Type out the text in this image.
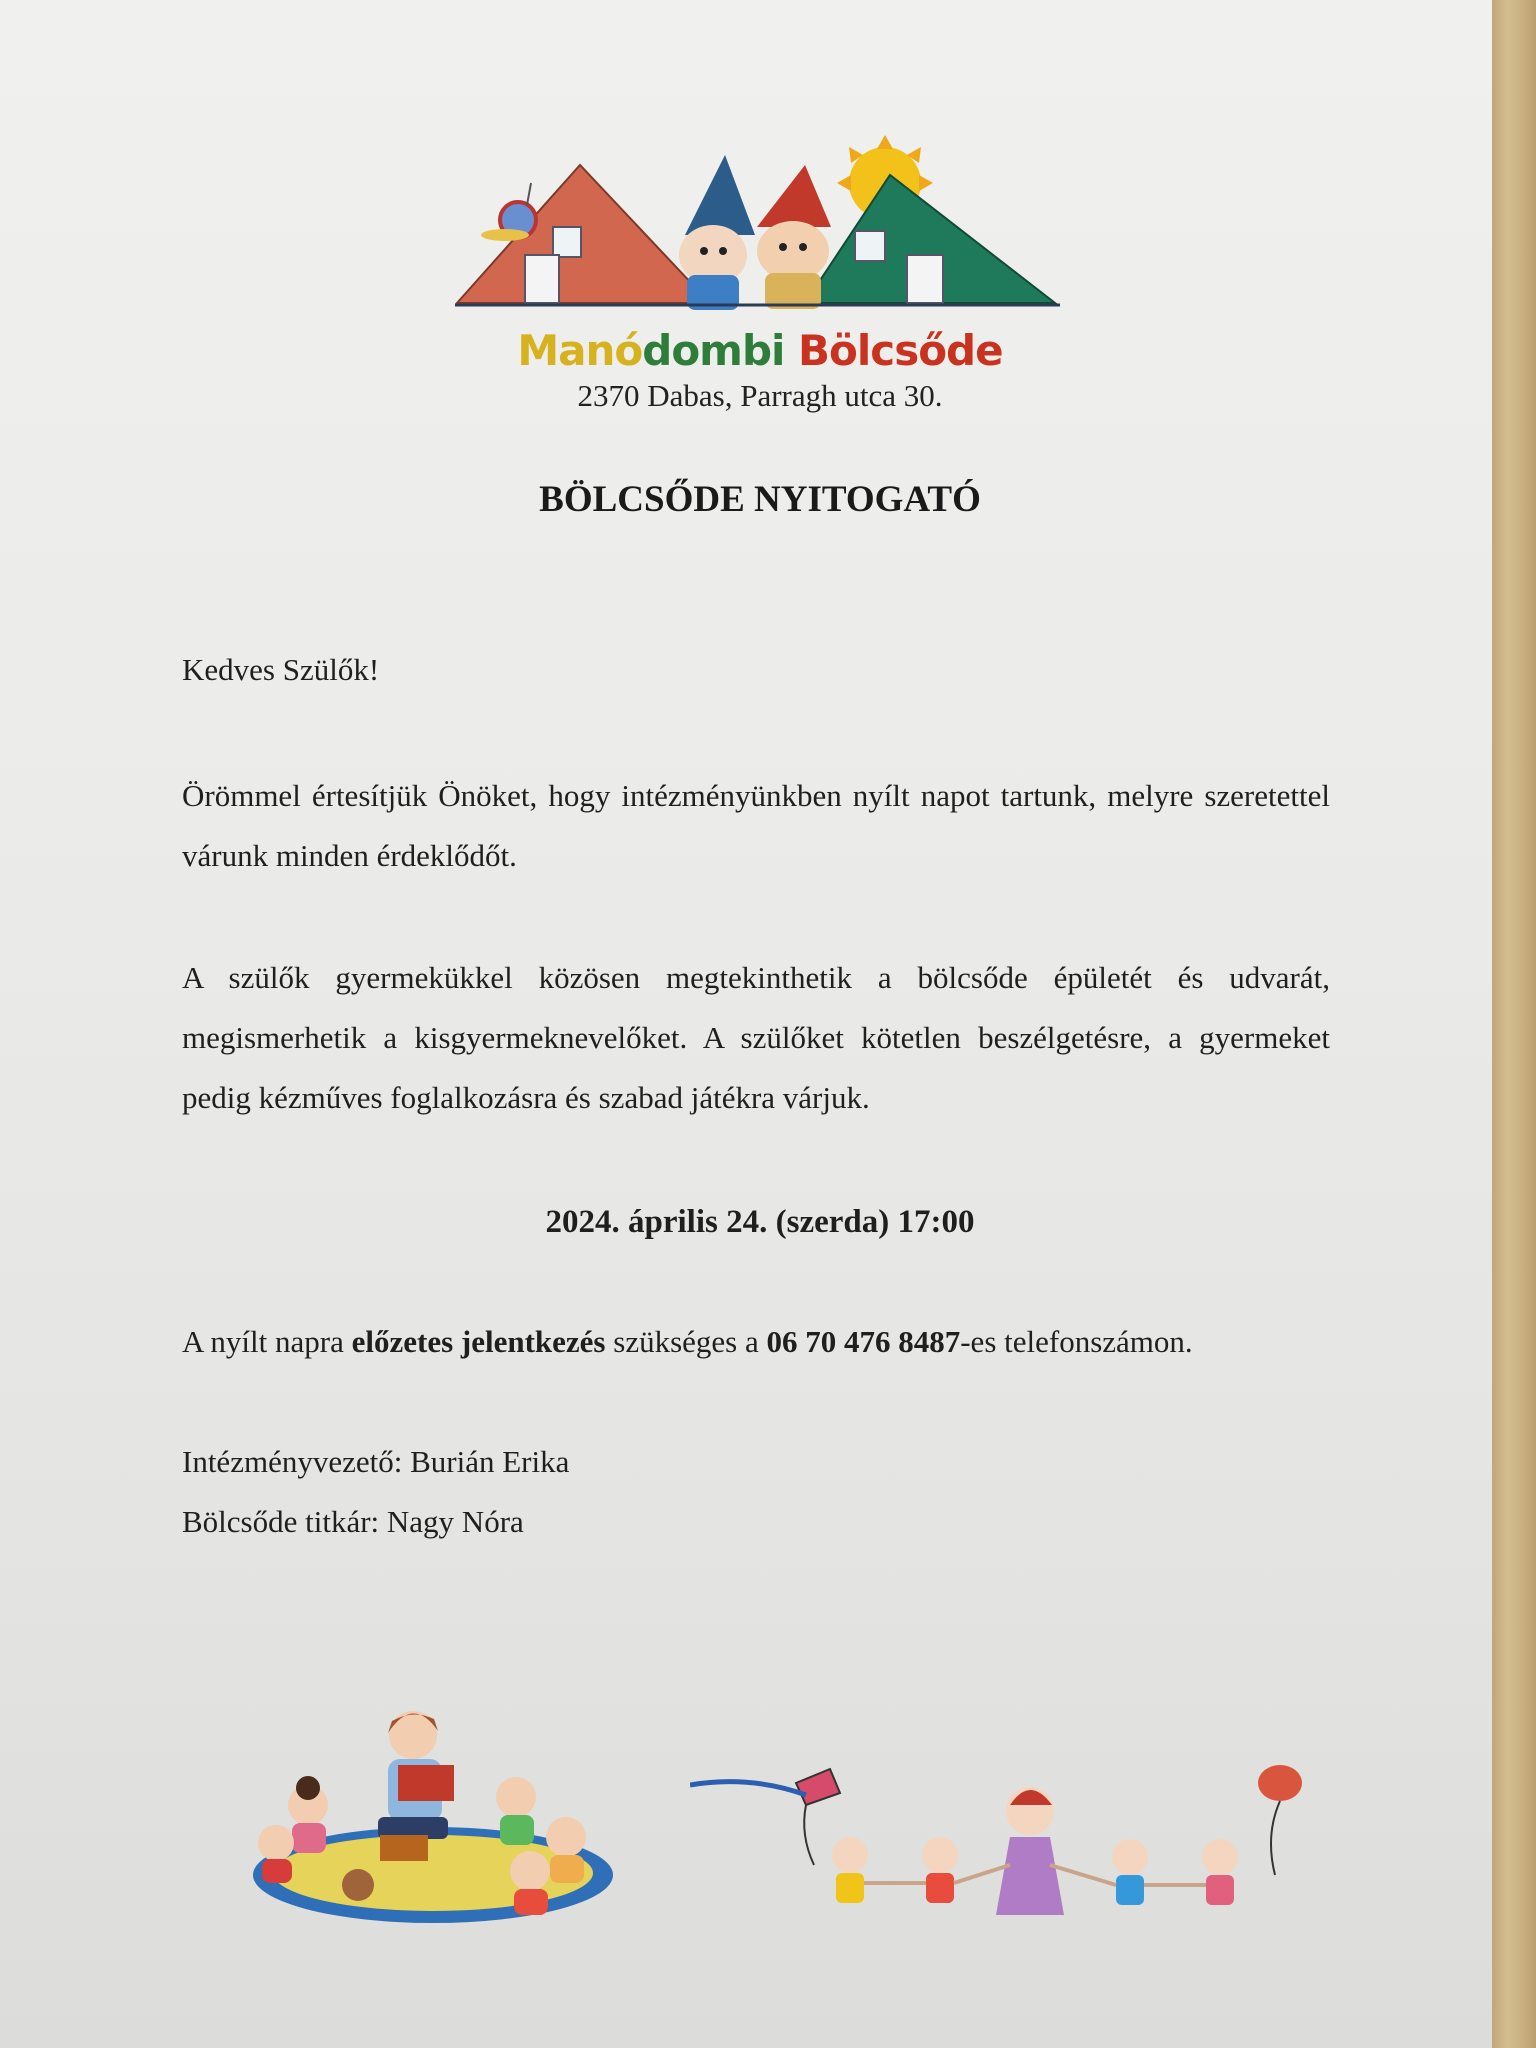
Manódombi Bölcsőde
2370 Dabas, Parragh utca 30.
BÖLCSŐDE NYITOGATÓ
Kedves Szülők!
Örömmel értesítjük Önöket, hogy intézményünkben nyílt napot tartunk, melyre szeretettel várunk minden érdeklődőt.
A szülők gyermekükkel közösen megtekinthetik a bölcsőde épületét és udvarát, megismerhetik a kisgyermeknevelőket. A szülőket kötetlen beszélgetésre, a gyermeket pedig kézműves foglalkozásra és szabad játékra várjuk.
2024. április 24. (szerda) 17:00
A nyílt napra előzetes jelentkezés szükséges a 06 70 476 8487-es telefonszámon.
Intézményvezető: Burián Erika
Bölcsőde titkár: Nagy Nóra
